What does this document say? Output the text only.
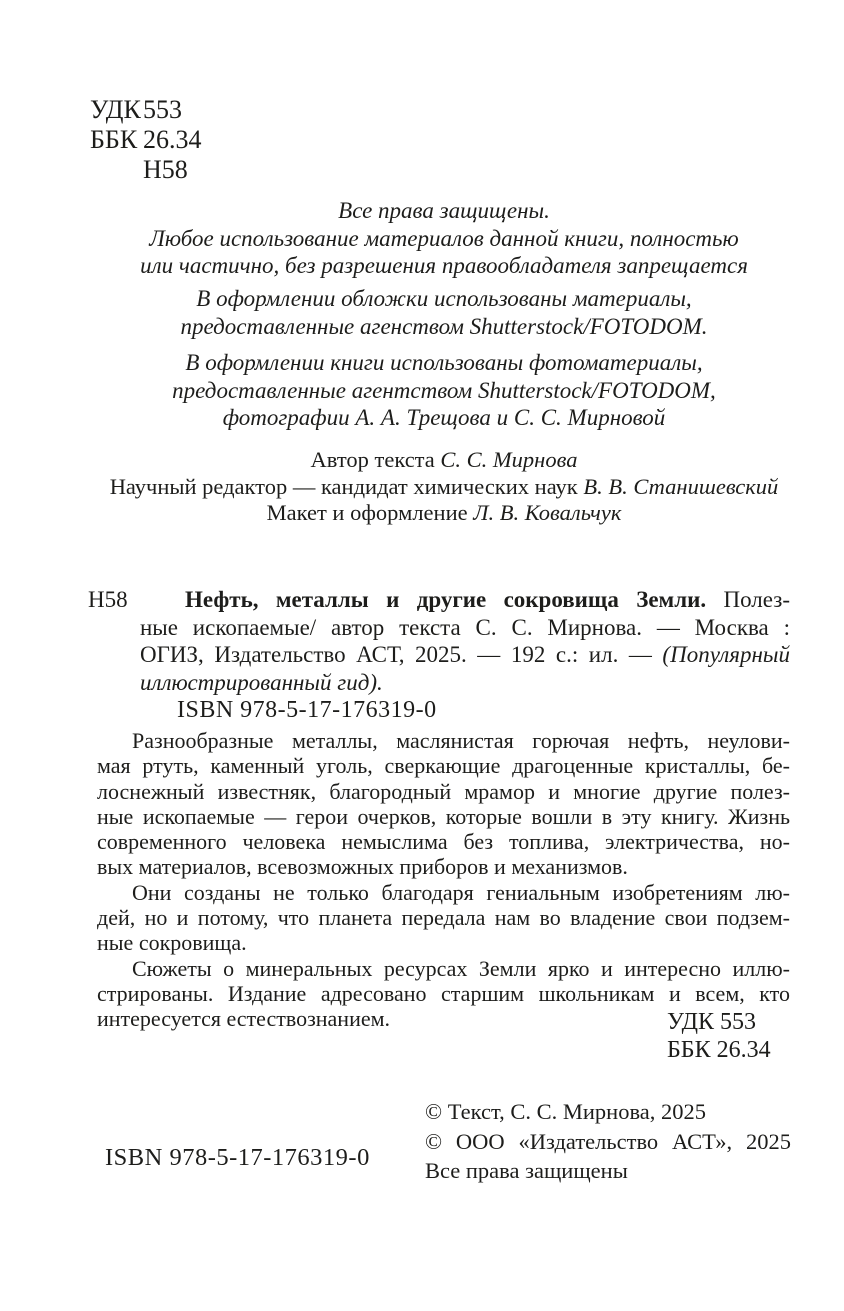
УДК 553
ББК 26.34
Н58
Все права защищены.
Любое использование материалов данной книги, полностью
или частично, без разрешения правообладателя запрещается
В оформлении обложки использованы материалы,
предоставленные агенством Shutterstock/FOTODOM.
В оформлении книги использованы фотоматериалы,
предоставленные агентством Shutterstock/FOTODOM,
фотографии А. А. Трещова и С. С. Мирновой
Автор текста С. С. Мирнова
Научный редактор — кандидат химических наук В. В. Станишевский
Макет и оформление Л. В. Ковальчук
Н58	Нефть, металлы и другие сокровища Земли. Полез-
ные ископаемые/ автор текста С. С. Мирнова. — Москва :
ОГИЗ, Издательство АСТ, 2025. — 192 с.: ил. — (Популярный
иллюстрированный гид).
ISBN 978-5-17-176319-0
Разнообразные металлы, маслянистая горючая нефть, неулови-
мая ртуть, каменный уголь, сверкающие драгоценные кристаллы, бе-
лоснежный известняк, благородный мрамор и многие другие полез-
ные ископаемые — герои очерков, которые вошли в эту книгу. Жизнь
современного человека немыслима без топлива, электричества, но-
вых материалов, всевозможных приборов и механизмов.
Они созданы не только благодаря гениальным изобретениям лю-
дей, но и потому, что планета передала нам во владение свои подзем-
ные сокровища.
Сюжеты о минеральных ресурсах Земли ярко и интересно иллю-
стрированы. Издание адресовано старшим школьникам и всем, кто
интересуется естествознанием.	УДК 553
ББК 26.34
© Текст, С. С. Мирнова, 2025
© ООО «Издательство АСТ», 2025
Все права защищены
ISBN 978-5-17-176319-0
